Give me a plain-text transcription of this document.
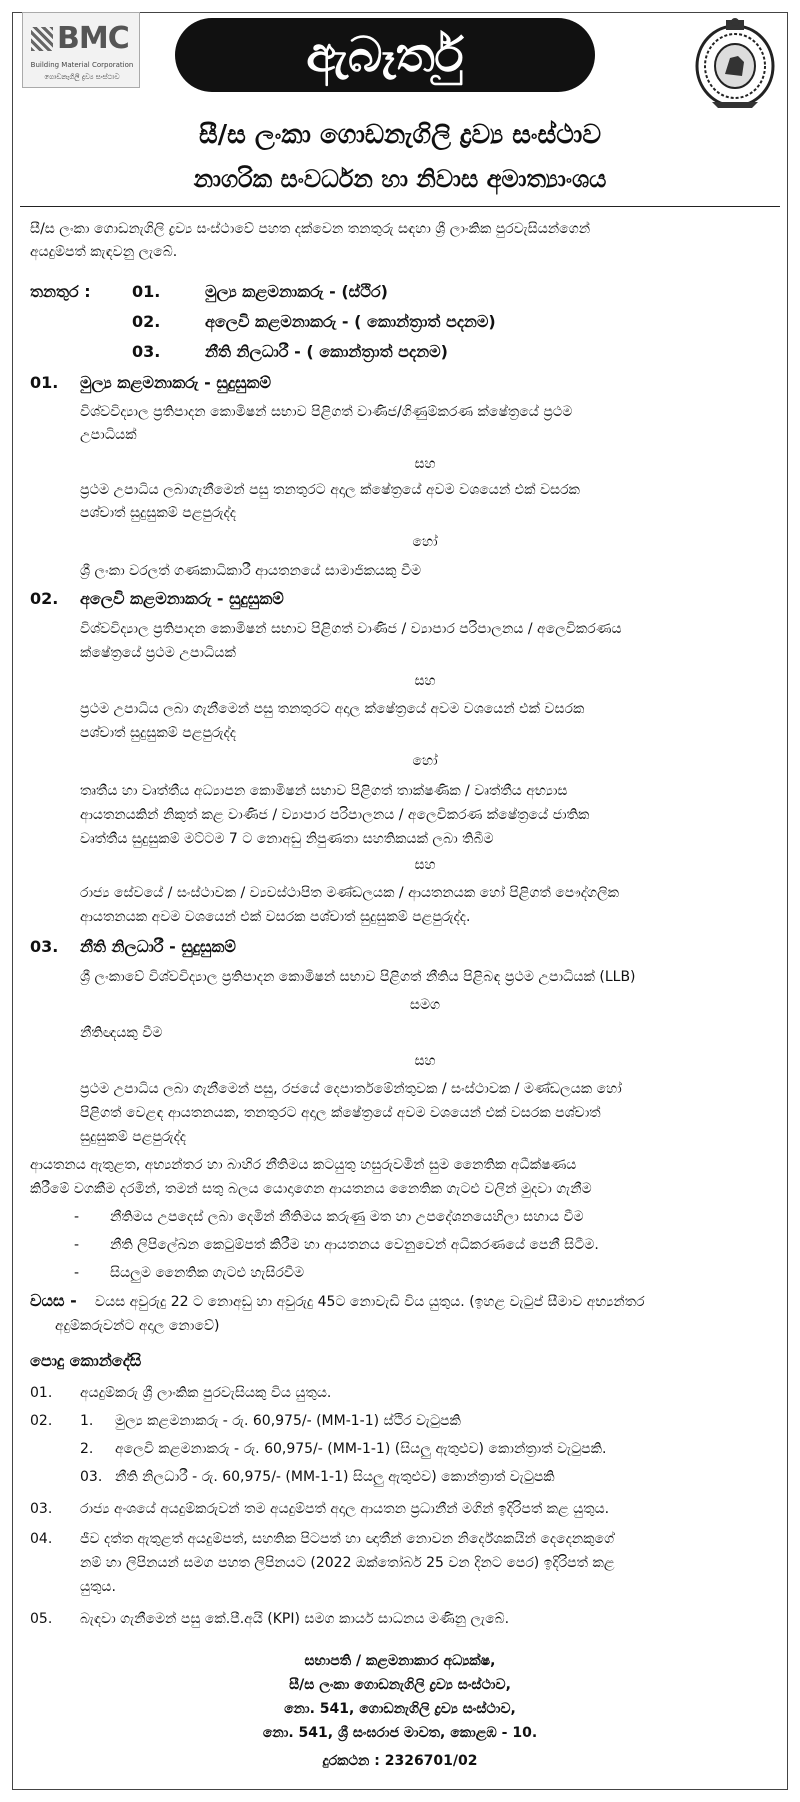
BMC
Building Material Corporation
ගොඩනැගිලි ද්‍රව්‍ය සංස්ථාව	ඇබෑර්තු
සී/ස ලංකා ගොඩනැගිලි ද්‍රව්‍ය සංස්ථාව
නාගරික සංවර්ධන හා නිවාස අමාත්‍යාංශය
සී/ස ලංකා ගොඩනැගිලි ද්‍රව්‍ය සංස්ථාවේ පහත දක්වෙන තනතුරු සඳහා ශ්‍රී ලාංකික පුරවැසියන්ගෙන්
අයදුම්පත් කැඳවනු ලැබේ.
තනතුර :	01.	මුල්‍ය කළමනාකරු - (ස්ථිර)
02.	අලෙවි කළමනාකරු - ( කොන්ත්‍රාත් පදනම)
03.	නීති නිලධාරී - ( කොන්ත්‍රාත් පදනම)
01. මුල්‍ය කළමනාකරු - සුදුසුකම්
විශ්වවිද්‍යාල ප්‍රතිපාදන කොමිෂන් සභාව පිළිගත් වාණිජ/ගිණුම්කරණ ක්ෂේත්‍රයේ ප්‍රථම
උපාධියක්
සහ
ප්‍රථම උපාධිය ලබාගැනීමෙන් පසු තනතුරට අදාල ක්ෂේත්‍රයේ අවම වශයෙන් එක් වසරක
පශ්චාත් සුදුසුකම් පළපුරුද්ද
හෝ
ශ්‍රී ලංකා වරලත් ගණකාධිකාරී ආයතනයේ සාමාජිකයකු වීම
02. අලෙවි කළමනාකරු - සුදුසුකම්
විශ්වවිද්‍යාල ප්‍රතිපාදන කොමිෂන් සභාව පිළිගත් වාණිජ / ව්‍යාපාර පරිපාලනය / අලෙවිකරණය
ක්ෂේත්‍රයේ ප්‍රථම උපාධියක්
සහ
ප්‍රථම උපාධිය ලබා ගැනීමෙන් පසු තනතුරට අදාල ක්ෂේත්‍රයේ අවම වශයෙන් එක් වසරක
පශ්චාත් සුදුසුකම් පළපුරුද්ද
හෝ
තෘතීය හා වෘත්තීය අධ්‍යාපන කොමිෂන් සභාව පිළිගත් තාක්ෂණික / වෘත්තීය අභ්‍යාස
ආයතනයකින් නිකුත් කළ වාණිජ / ව්‍යාපාර පරිපාලනය / අලෙවිකරණ ක්ෂේත්‍රයේ ජාතික
වෘත්තීය සුදුසුකම් මට්ටම 7 ට නොඅඩු නිපුණතා සහතිකයක් ලබා තිබීම
සහ
රාජ්‍ය සේවයේ / සංස්ථාවක / ව්‍යවස්ථාපිත මණ්ඩලයක / ආයතනයක හෝ පිළිගත් පෞද්ගලික
ආයතනයක අවම වශයෙන් එක් වසරක පශ්චාත් සුදුසුකම් පළපුරුද්ද.
03. නීති නිලධාරී - සුදුසුකම්
ශ්‍රී ලංකාවේ විශ්වවිද්‍යාල ප්‍රතිපාදන කොමිෂන් සභාව පිළිගත් නීතිය පිළිබඳ ප්‍රථම උපාධියක් (LLB)
සමග
නීතිඥයකු වීම
සහ
ප්‍රථම උපාධිය ලබා ගැනීමෙන් පසු, රජයේ දෙපාර්තමේන්තුවක / සංස්ථාවක / මණ්ඩලයක හෝ
පිළිගත් වෙළඳ ආයතනයක, තනතුරට අදාල ක්ෂේත්‍රයේ අවම වශයෙන් එක් වසරක පශ්චාත්
සුදුසුකම් පළපුරුද්ද
ආයතනය ඇතුළත, අභ්‍යන්තර හා බාහිර නීතිමය කටයුතු හසුරුවමින් සුම නෛතික අධීක්ෂණය
කිරීමේ වගකීම දරමින්, තමන් සතු බලය යොදාගෙන ආයතනය නෛතික ගැටළු වලින් මුදවා ගැනීම
- නීතිමය උපදෙස් ලබා දෙමින් නීතිමය කරුණු මත හා උපදේශනයෙහිලා සහාය වීම
- නීති ලිපිලේඛන කෙටුම්පත් කිරීම හා ආයතනය වෙනුවෙන් අධිකරණයේ පෙනී සිටීම.
- සියලුම නෛතික ගැටළු හැසිරවීම
වයස - වයස අවුරුදු 22 ට නොඅඩු හා අවුරුදු 45ට නොවැඩි විය යුතුය. (ඉහළ වැටුප් සීමාව අභ්‍යන්තර
අදුම්කරුවන්ට අදාල නොවේ)
පොදු කොන්දේසි
01. අයදුම්කරු ශ්‍රී ලාංකික පුරවැසියකු විය යුතුය.
02. 1. මුල්‍ය කළමනාකරු - රු. 60,975/- (MM-1-1) ස්ථිර වැටුපකි
2. අලෙවි කළමනාකරු - රු. 60,975/- (MM-1-1) (සියලු ඇතුළුව) කොන්ත්‍රාත් වැටුපකි.
03. නීති නිලධාරී - රු. 60,975/- (MM-1-1) සියලු ඇතුළුව) කොන්ත්‍රාත් වැටුපකි
03. රාජ්‍ය අංශයේ අයදුම්කරුවන් තම අයදුම්පත් අදාල ආයතන ප්‍රධානීන් මගින් ඉදිරිපත් කළ යුතුය.
04. ජීව දත්ත ඇතුළත් අයදුම්පත්, සහතික පිටපත් හා ඥාතීන් නොවන නිර්දේශකයින් දෙදෙනකුගේ
නම් හා ලිපිනයන් සමග පහත ලිපිනයට (2022 ඔක්තෝබර් 25 වන දිනට පෙර) ඉදිරිපත් කළ
යුතුය.
05. බැඳවා ගැනීමෙන් පසු කේ.පී.අයි (KPI) සමග කාර්ය සාධනය මණිනු ලැබේ.
සභාපති / කළමනාකාර අධ්‍යක්ෂ,
සී/ස ලංකා ගොඩනැගිලි ද්‍රව්‍ය සංස්ථාව,
නො. 541, ගොඩනැගිලි ද්‍රව්‍ය සංස්ථාව,
නො. 541, ශ්‍රී සංඝරාජ මාවත, කොළඹ - 10.
දුරකථන : 2326701/02
